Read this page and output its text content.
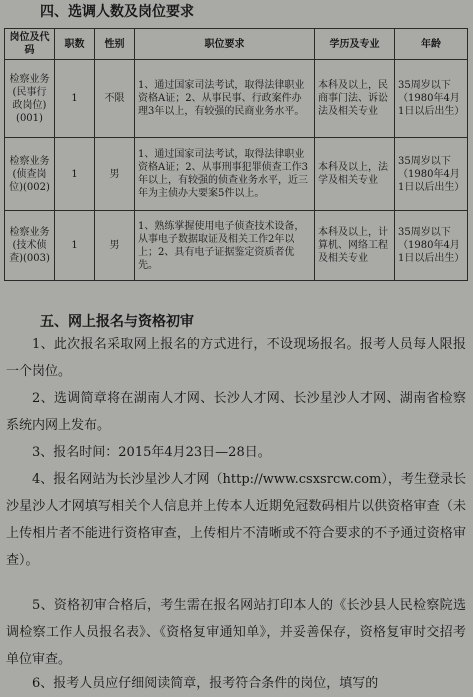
四、选调人数及岗位要求
岗位及代码	职数	性别	职位要求	学历及专业	年龄
检察业务(民事行政岗位)(001)	1	不限	1、通过国家司法考试，取得法律职业资格A证；2、从事民事、行政案件办理3年以上，有较强的民商业务水平。	本科及以上，民商事门法、诉讼法及相关专业	35周岁以下（1980年4月1日以后出生）
检察业务(侦查岗位)(002)	1	男	1、通过国家司法考试，取得法律职业资格A证；2、从事刑事犯罪侦查工作3年以上，有较强的侦查业务水平，近三年为主侦办大要案5件以上。	本科及以上，法学及相关专业	35周岁以下（1980年4月1日以后出生）
检察业务(技术侦查)(003)	1	男	1、熟练掌握使用电子侦查技术设备，从事电子数据取证及相关工作2年以上；2、具有电子证据鉴定资质者优先。	本科及以上，计算机、网络工程及相关专业	35周岁以下（1980年4月1日以后出生）
五、网上报名与资格初审

1、此次报名采取网上报名的方式进行，不设现场报名。报考人员每人限报一个岗位。

2、选调简章将在湖南人才网、长沙人才网、长沙星沙人才网、湖南省检察系统内网上发布。

3、报名时间：2015年4月23日—28日。

4、报名网站为长沙星沙人才网（http://www.csxsrcw.com），考生登录长沙星沙人才网填写相关个人信息并上传本人近期免冠数码相片以供资格审查（未上传相片者不能进行资格审查，上传相片不清晰或不符合要求的不予通过资格审查）。

5、资格初审合格后，考生需在报名网站打印本人的《长沙县人民检察院选调检察工作人员报名表》、《资格复审通知单》，并妥善保存，资格复审时交招考单位审查。

6、报考人员应仔细阅读简章，报考符合条件的岗位，填写的
